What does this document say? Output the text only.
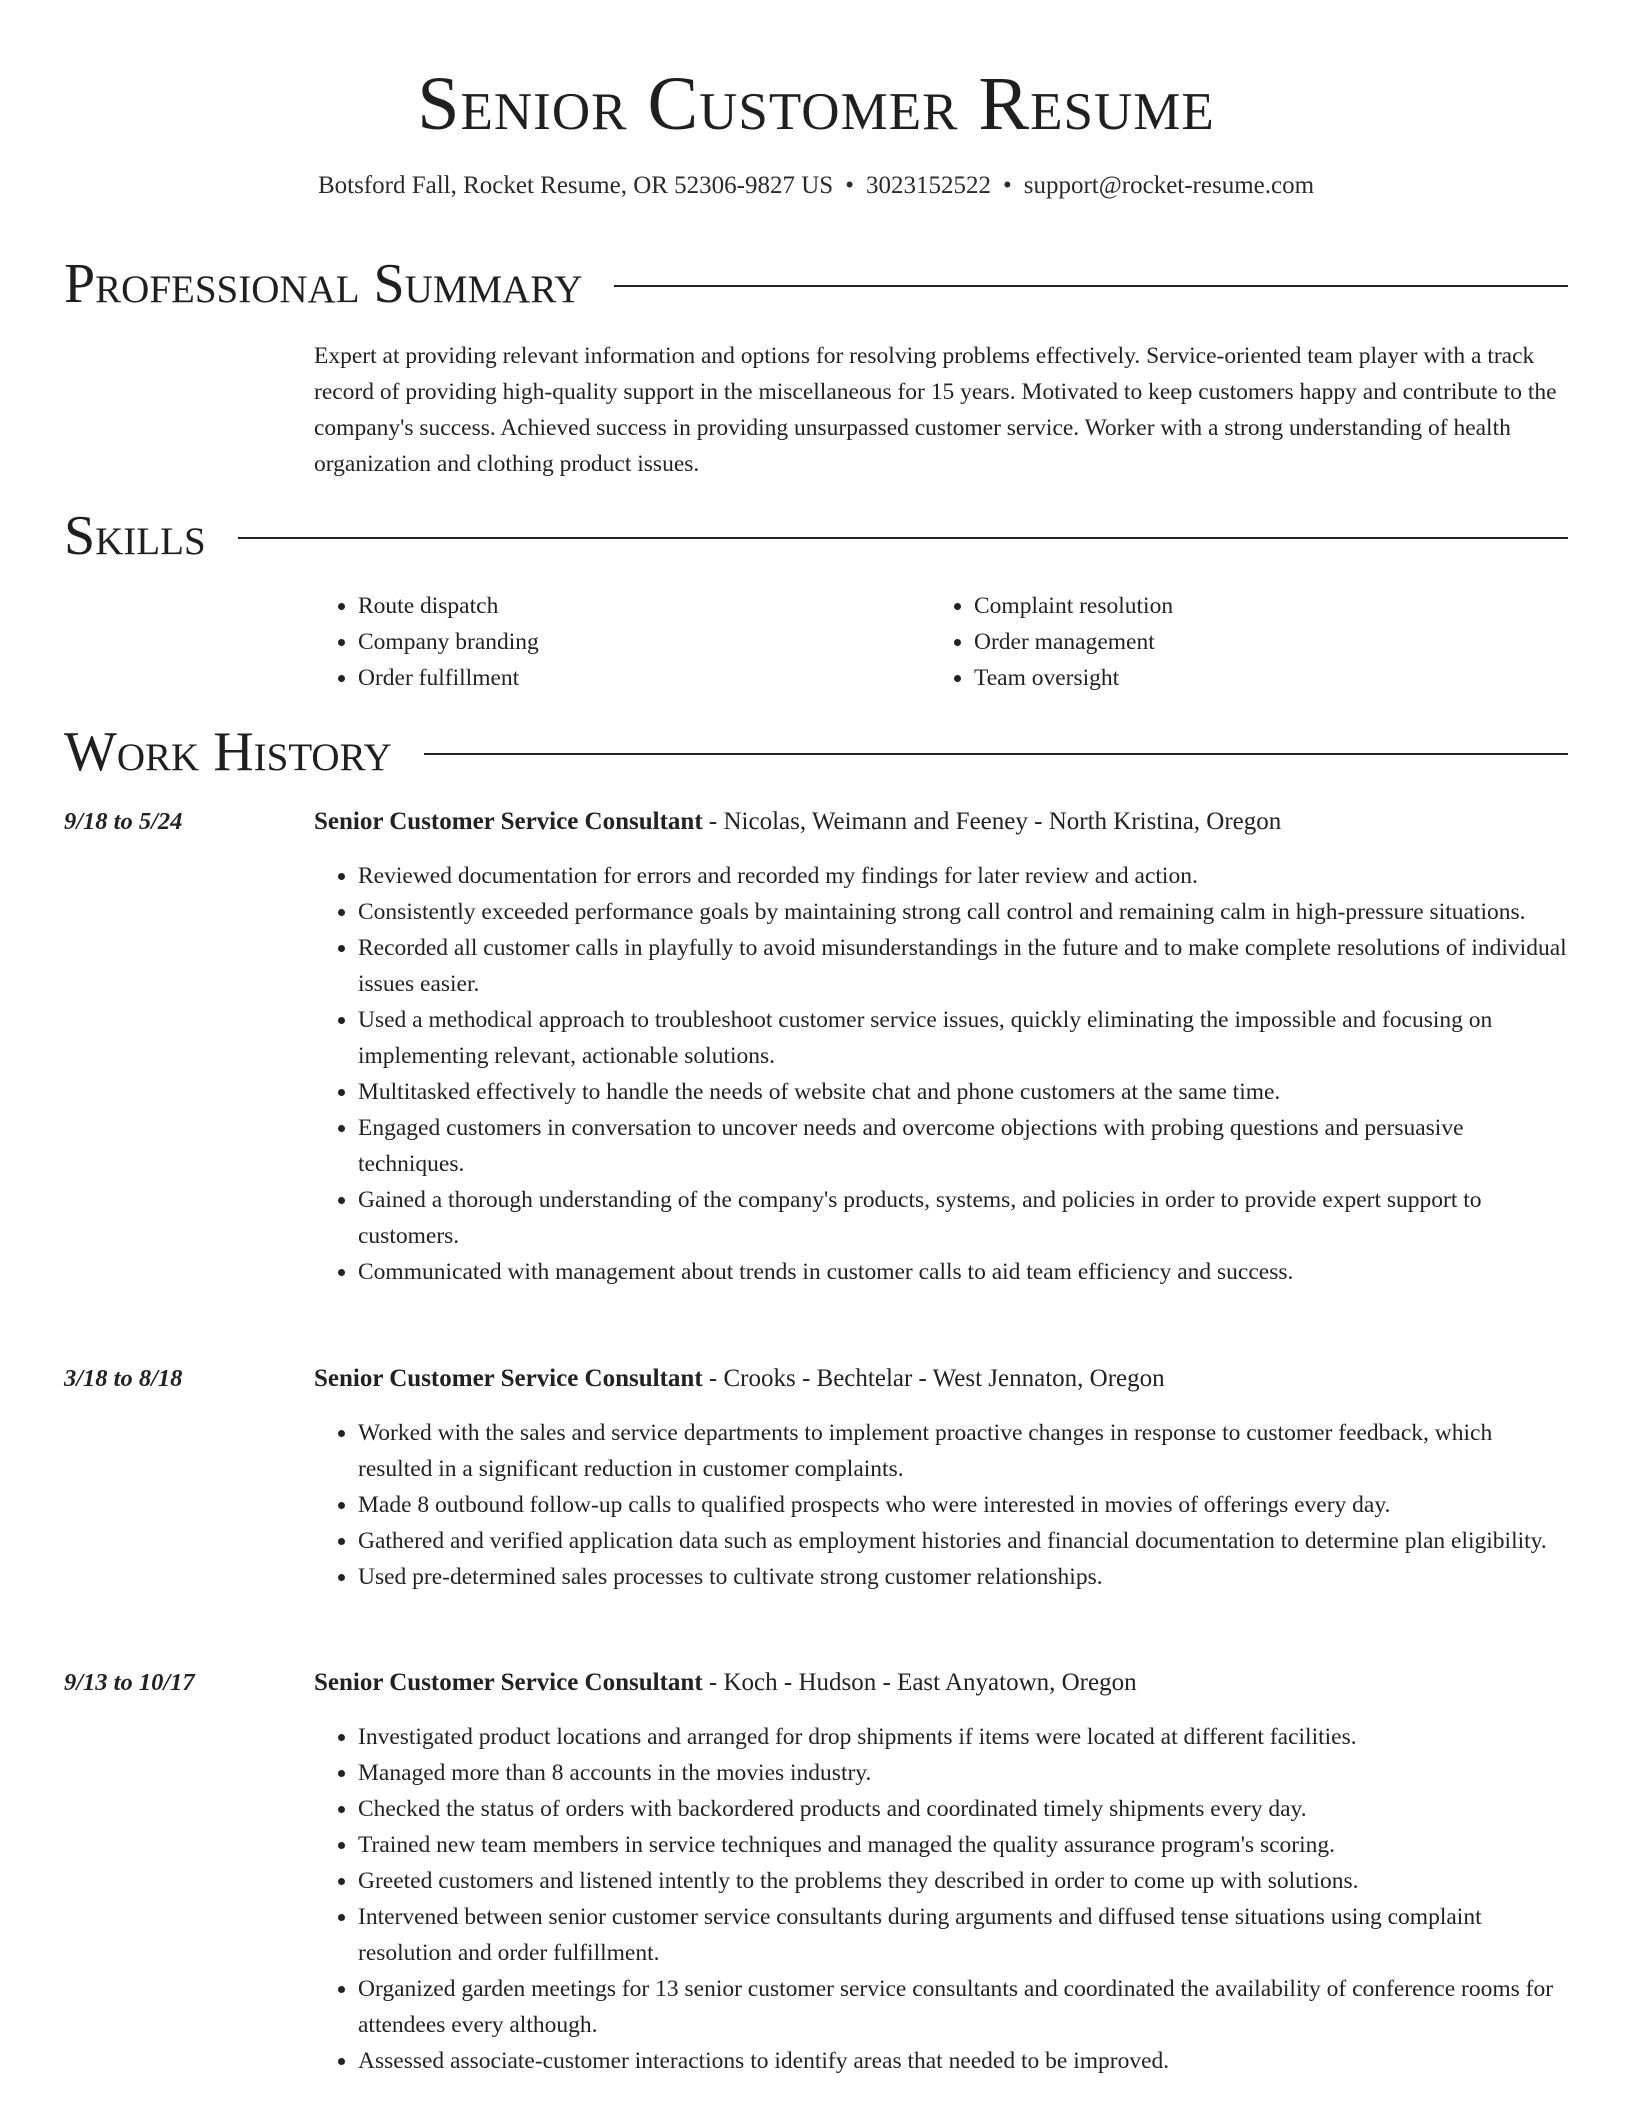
Senior Customer Resume
Botsford Fall, Rocket Resume, OR 52306-9827 US • 3023152522 • support@rocket-resume.com
Professional Summary

Expert at providing relevant information and options for resolving problems effectively. Service-oriented team player with a track record of providing high-quality support in the miscellaneous for 15 years. Motivated to keep customers happy and contribute to the company's success. Achieved success in providing unsurpassed customer service. Worker with a strong understanding of health organization and clothing product issues.

Skills
• Route dispatch
• Company branding
• Order fulfillment
• Complaint resolution
• Order management
• Team oversight
Work History
9/18 to 5/24	Senior Customer Service Consultant - Nicolas, Weimann and Feeney - North Kristina, Oregon
• Reviewed documentation for errors and recorded my findings for later review and action.
• Consistently exceeded performance goals by maintaining strong call control and remaining calm in high-pressure situations.
• Recorded all customer calls in playfully to avoid misunderstandings in the future and to make complete resolutions of individual issues easier.
• Used a methodical approach to troubleshoot customer service issues, quickly eliminating the impossible and focusing on implementing relevant, actionable solutions.
• Multitasked effectively to handle the needs of website chat and phone customers at the same time.
• Engaged customers in conversation to uncover needs and overcome objections with probing questions and persuasive techniques.
• Gained a thorough understanding of the company's products, systems, and policies in order to provide expert support to customers.
• Communicated with management about trends in customer calls to aid team efficiency and success.
3/18 to 8/18	Senior Customer Service Consultant - Crooks - Bechtelar - West Jennaton, Oregon
• Worked with the sales and service departments to implement proactive changes in response to customer feedback, which resulted in a significant reduction in customer complaints.
• Made 8 outbound follow-up calls to qualified prospects who were interested in movies of offerings every day.
• Gathered and verified application data such as employment histories and financial documentation to determine plan eligibility.
• Used pre-determined sales processes to cultivate strong customer relationships.
9/13 to 10/17	Senior Customer Service Consultant - Koch - Hudson - East Anyatown, Oregon
• Investigated product locations and arranged for drop shipments if items were located at different facilities.
• Managed more than 8 accounts in the movies industry.
• Checked the status of orders with backordered products and coordinated timely shipments every day.
• Trained new team members in service techniques and managed the quality assurance program's scoring.
• Greeted customers and listened intently to the problems they described in order to come up with solutions.
• Intervened between senior customer service consultants during arguments and diffused tense situations using complaint resolution and order fulfillment.
• Organized garden meetings for 13 senior customer service consultants and coordinated the availability of conference rooms for attendees every although.
• Assessed associate-customer interactions to identify areas that needed to be improved.
